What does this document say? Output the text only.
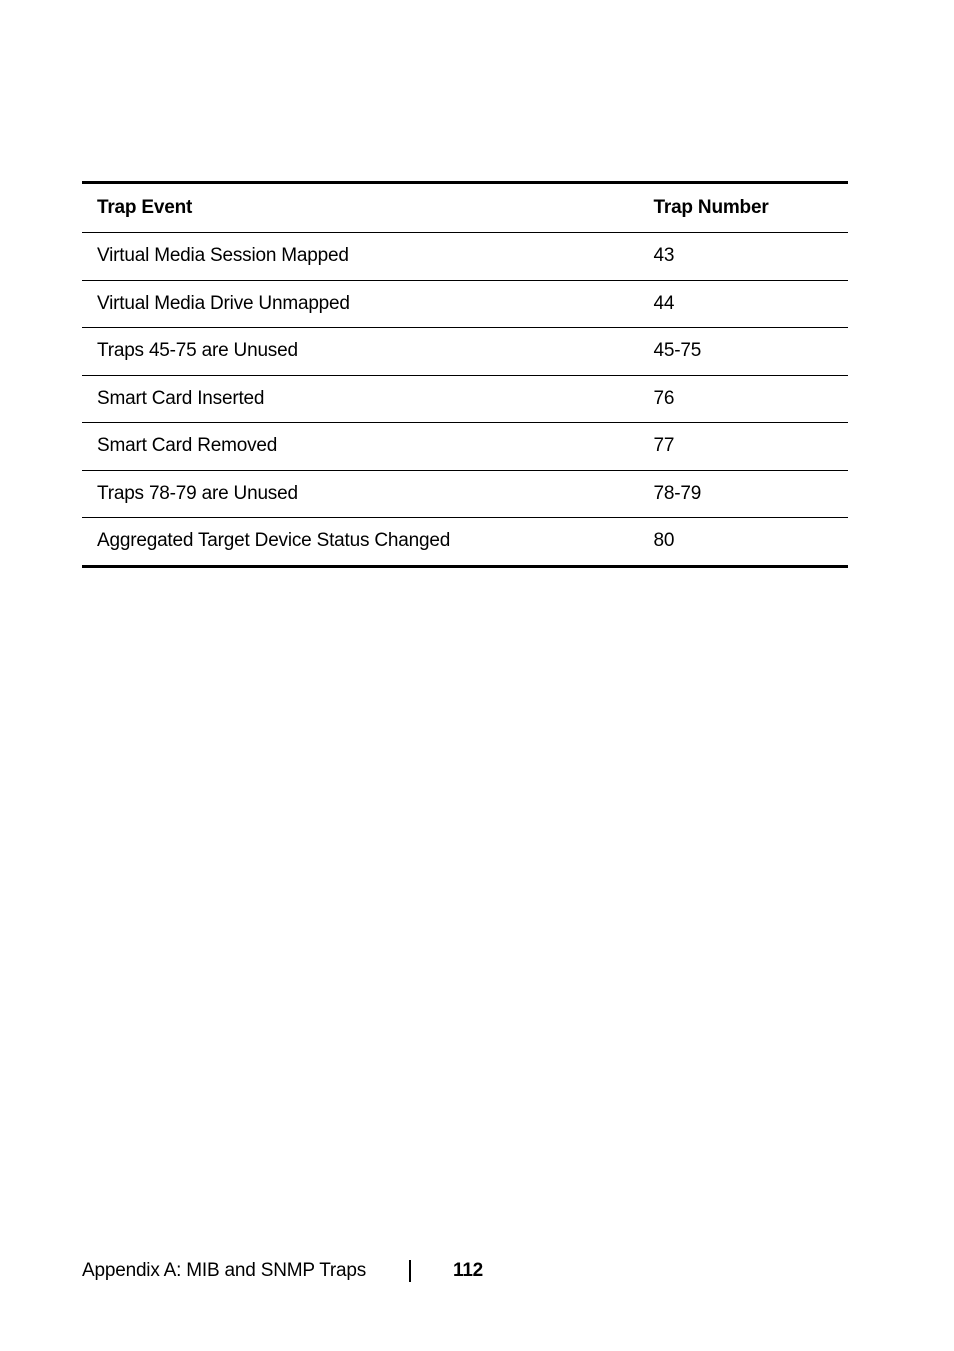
Trap Event	Trap Number
Virtual Media Session Mapped	43
Virtual Media Drive Unmapped	44
Traps 45-75 are Unused	45-75
Smart Card Inserted	76
Smart Card Removed	77
Traps 78-79 are Unused	78-79
Aggregated Target Device Status Changed	80
Appendix A: MIB and SNMP Traps	112
